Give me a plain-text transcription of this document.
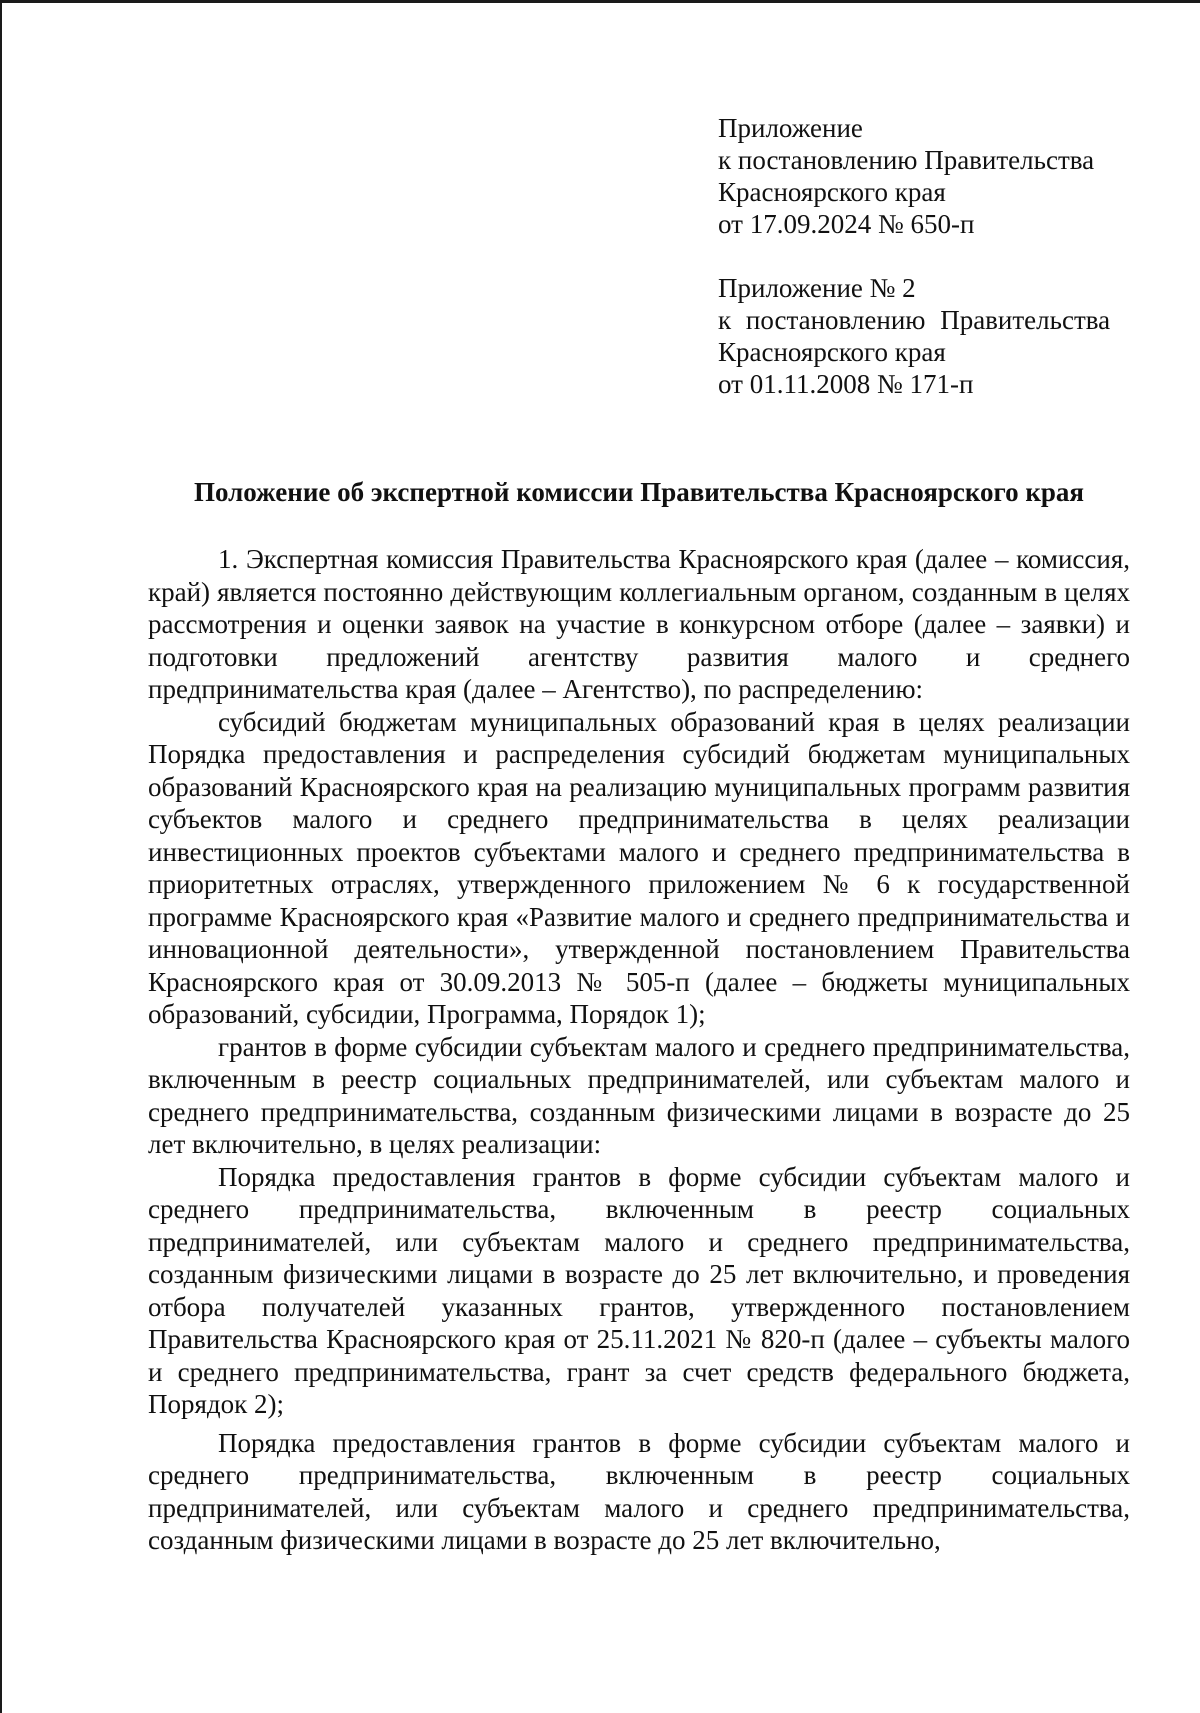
Приложение
к постановлению Правительства
Красноярского края
от 17.09.2024 № 650-п
Приложение № 2
к постановлению Правительства
Красноярского края
от 01.11.2008 № 171-п
Положение об экспертной комиссии Правительства Красноярского края

1. Экспертная комиссия Правительства Красноярского края (далее – комиссия, край) является постоянно действующим коллегиальным органом, созданным в целях рассмотрения и оценки заявок на участие в конкурсном отборе (далее – заявки) и подготовки предложений агентству развития малого и среднего предпринимательства края (далее – Агентство), по распределению:

субсидий бюджетам муниципальных образований края в целях реализации Порядка предоставления и распределения субсидий бюджетам муниципальных образований Красноярского края на реализацию муниципальных программ развития субъектов малого и среднего предпринимательства в целях реализации инвестиционных проектов субъектами малого и среднего предпринимательства в приоритетных отраслях, утвержденного приложением № 6 к государственной программе Красноярского края «Развитие малого и среднего предпринимательства и инновационной деятельности», утвержденной постановлением Правительства Красноярского края от 30.09.2013 № 505-п (далее – бюджеты муниципальных образований, субсидии, Программа, Порядок 1);

грантов в форме субсидии субъектам малого и среднего предпринимательства, включенным в реестр социальных предпринимателей, или субъектам малого и среднего предпринимательства, созданным физическими лицами в возрасте до 25 лет включительно, в целях реализации:

Порядка предоставления грантов в форме субсидии субъектам малого и среднего предпринимательства, включенным в реестр социальных предпринимателей, или субъектам малого и среднего предпринимательства, созданным физическими лицами в возрасте до 25 лет включительно, и проведения отбора получателей указанных грантов, утвержденного постановлением Правительства Красноярского края от 25.11.2021 № 820-п (далее – субъекты малого и среднего предпринимательства, грант за счет средств федерального бюджета, Порядок 2);

Порядка предоставления грантов в форме субсидии субъектам малого и среднего предпринимательства, включенным в реестр социальных предпринимателей, или субъектам малого и среднего предпринимательства, созданным физическими лицами в возрасте до 25 лет включительно,
